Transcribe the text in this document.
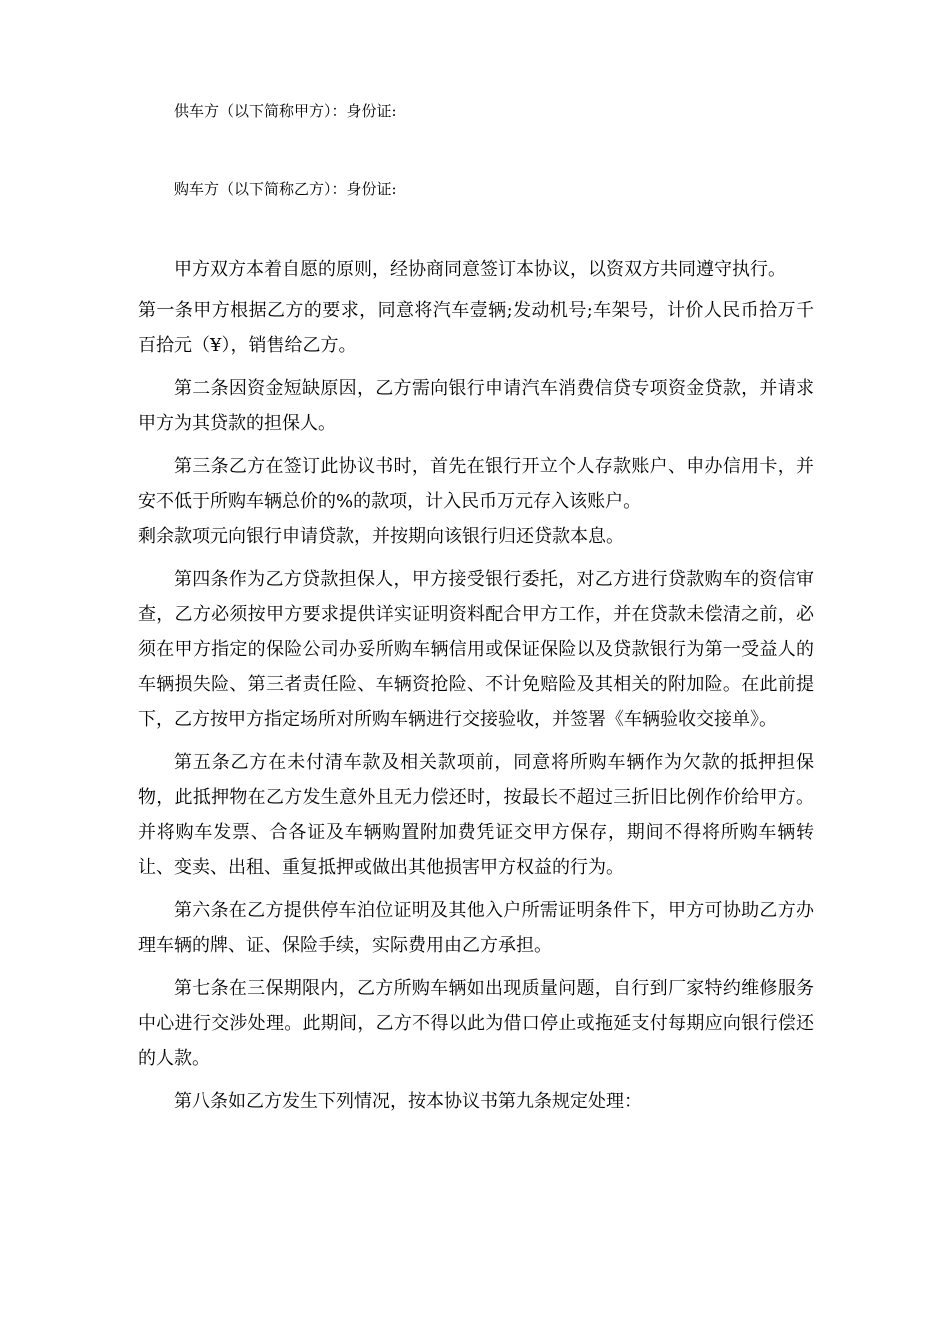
供车方（以下简称甲方）：身份证:

购车方（以下简称乙方）：身份证:

甲方双方本着自愿的原则，经协商同意签订本协议，以资双方共同遵守执行。

第一条甲方根据乙方的要求，同意将汽车壹辆;发动机号;车架号，计价人民币拾万千百拾元（¥），销售给乙方。

第二条因资金短缺原因，乙方需向银行申请汽车消费信贷专项资金贷款，并请求甲方为其贷款的担保人。

第三条乙方在签订此协议书时，首先在银行开立个人存款账户、申办信用卡，并安不低于所购车辆总价的%的款项，计入民币万元存入该账户。

剩余款项元向银行申请贷款，并按期向该银行归还贷款本息。

第四条作为乙方贷款担保人，甲方接受银行委托，对乙方进行贷款购车的资信审查，乙方必须按甲方要求提供详实证明资料配合甲方工作，并在贷款未偿清之前，必须在甲方指定的保险公司办妥所购车辆信用或保证保险以及贷款银行为第一受益人的车辆损失险、第三者责任险、车辆资抢险、不计免赔险及其相关的附加险。在此前提下，乙方按甲方指定场所对所购车辆进行交接验收，并签署《车辆验收交接单》。

第五条乙方在未付清车款及相关款项前，同意将所购车辆作为欠款的抵押担保物，此抵押物在乙方发生意外且无力偿还时，按最长不超过三折旧比例作价给甲方。并将购车发票、合各证及车辆购置附加费凭证交甲方保存，期间不得将所购车辆转让、变卖、出租、重复抵押或做出其他损害甲方权益的行为。

第六条在乙方提供停车泊位证明及其他入户所需证明条件下，甲方可协助乙方办理车辆的牌、证、保险手续，实际费用由乙方承担。

第七条在三保期限内，乙方所购车辆如出现质量问题，自行到厂家特约维修服务中心进行交涉处理。此期间，乙方不得以此为借口停止或拖延支付每期应向银行偿还的人款。

第八条如乙方发生下列情况，按本协议书第九条规定处理：
